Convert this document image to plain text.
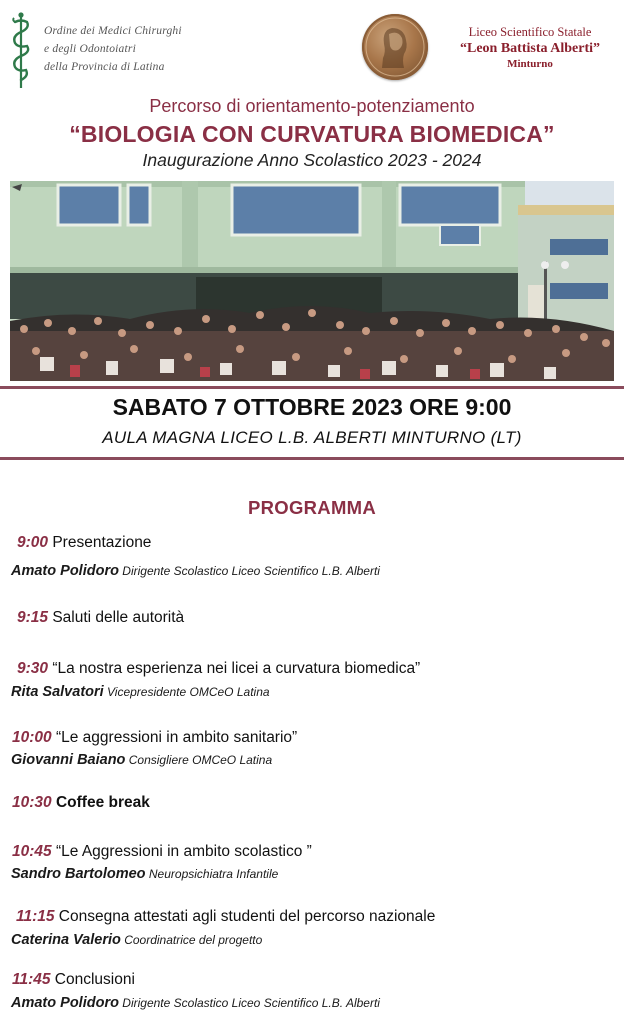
Ordine dei Medici Chirurghi
e degli Odontoiatri
della Provincia di Latina
Liceo Scientifico Statale
“Leon Battista Alberti”
Minturno
Percorso di orientamento-potenziamento
“BIOLOGIA CON CURVATURA BIOMEDICA”
Inaugurazione Anno Scolastico 2023 - 2024
SABATO 7 OTTOBRE 2023 ORE 9:00
AULA MAGNA LICEO L.B. ALBERTI MINTURNO (LT)
PROGRAMMA
9:00 Presentazione
Amato Polidoro Dirigente Scolastico Liceo Scientifico L.B. Alberti
9:15 Saluti delle autorità
9:30 “La nostra esperienza nei licei a curvatura biomedica”
Rita Salvatori Vicepresidente OMCeO Latina
10:00 “Le aggressioni in ambito sanitario”
Giovanni Baiano Consigliere OMCeO Latina
10:30 Coffee break
10:45 “Le Aggressioni in ambito scolastico ”
Sandro Bartolomeo Neuropsichiatra Infantile
11:15 Consegna attestati agli studenti del percorso nazionale
Caterina Valerio Coordinatrice del progetto
11:45 Conclusioni
Amato Polidoro Dirigente Scolastico Liceo Scientifico L.B. Alberti
